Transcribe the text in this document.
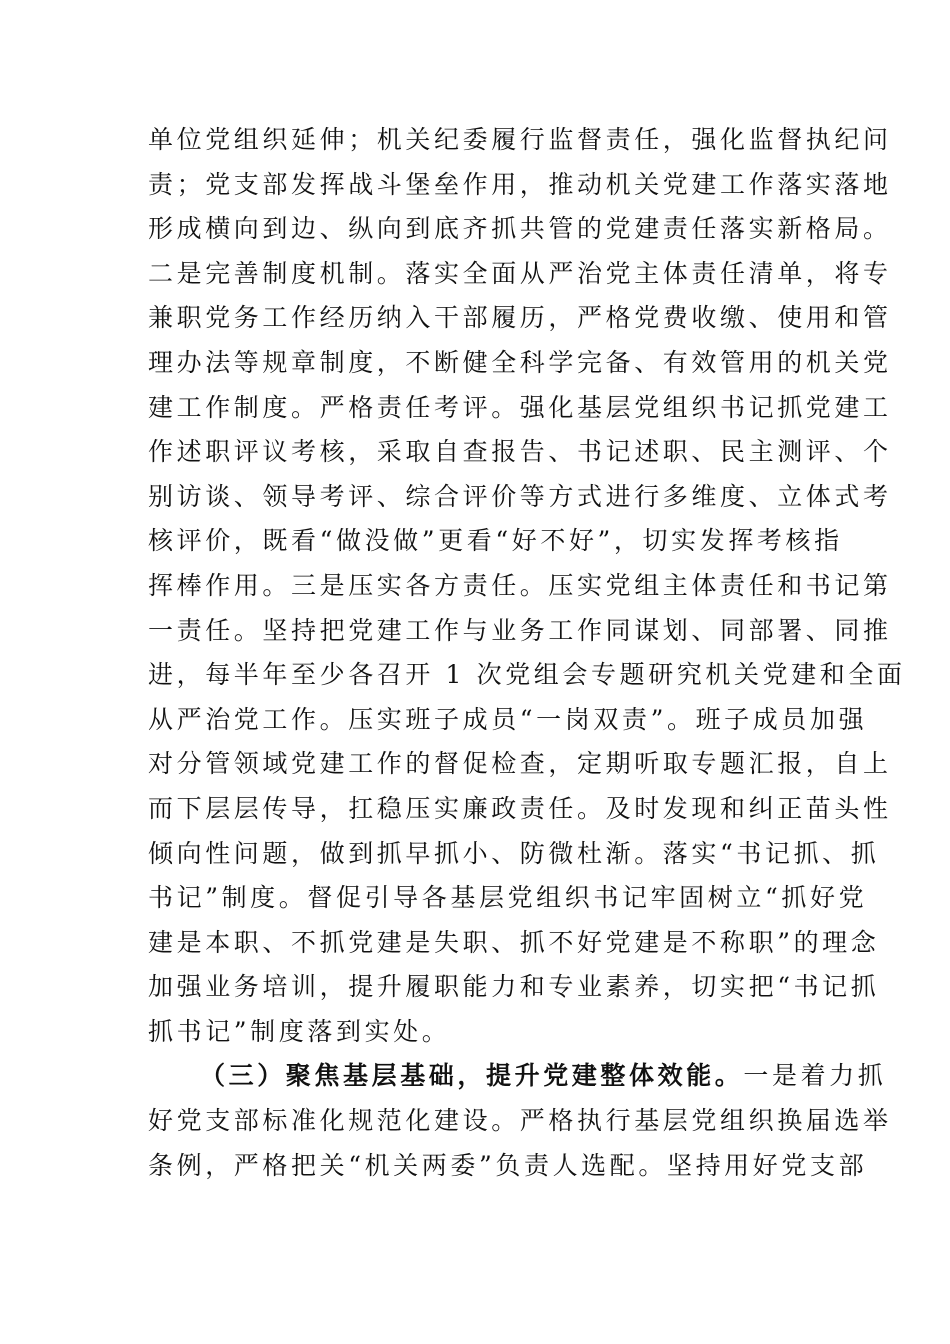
单位党组织延伸；机关纪委履行监督责任，强化监督执纪问
责；党支部发挥战斗堡垒作用，推动机关党建工作落实落地
形成横向到边、纵向到底齐抓共管的党建责任落实新格局。
二是完善制度机制。落实全面从严治党主体责任清单，将专
兼职党务工作经历纳入干部履历，严格党费收缴、使用和管
理办法等规章制度，不断健全科学完备、有效管用的机关党
建工作制度。严格责任考评。强化基层党组织书记抓党建工
作述职评议考核，采取自查报告、书记述职、民主测评、个
别访谈、领导考评、综合评价等方式进行多维度、立体式考
核评价，既看“做没做”更看“好不好”，切实发挥考核指
挥棒作用。三是压实各方责任。压实党组主体责任和书记第
一责任。坚持把党建工作与业务工作同谋划、同部署、同推
进，每半年至少各召开 1 次党组会专题研究机关党建和全面
从严治党工作。压实班子成员“一岗双责”。班子成员加强
对分管领域党建工作的督促检查，定期听取专题汇报，自上
而下层层传导，扛稳压实廉政责任。及时发现和纠正苗头性
倾向性问题，做到抓早抓小、防微杜渐。落实“书记抓、抓
书记”制度。督促引导各基层党组织书记牢固树立“抓好党
建是本职、不抓党建是失职、抓不好党建是不称职”的理念
加强业务培训，提升履职能力和专业素养，切实把“书记抓
抓书记”制度落到实处。
（三）聚焦基层基础，提升党建整体效能。一是着力抓
好党支部标准化规范化建设。严格执行基层党组织换届选举
条例，严格把关“机关两委”负责人选配。坚持用好党支部
